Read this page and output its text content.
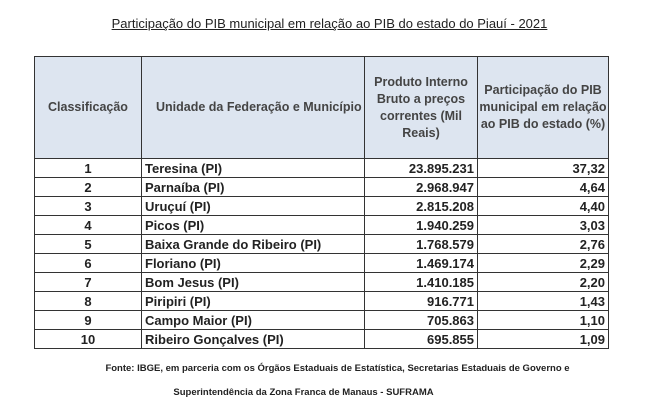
Participação do PIB municipal em relação ao PIB do estado do Piauí - 2021
Classificação	Unidade da Federação e Município	Produto Interno Bruto a preços correntes (Mil Reais)	Participação do PIB municipal em relação ao PIB do estado (%)
1	Teresina (PI)	23.895.231	37,32
2	Parnaíba (PI)	2.968.947	4,64
3	Uruçuí (PI)	2.815.208	4,40
4	Picos (PI)	1.940.259	3,03
5	Baixa Grande do Ribeiro (PI)	1.768.579	2,76
6	Floriano (PI)	1.469.174	2,29
7	Bom Jesus (PI)	1.410.185	2,20
8	Piripiri (PI)	916.771	1,43
9	Campo Maior (PI)	705.863	1,10
10	Ribeiro Gonçalves (PI)	695.855	1,09
Fonte: IBGE, em parceria com os Órgãos Estaduais de Estatística, Secretarias Estaduais de Governo e
Superintendência da Zona Franca de Manaus - SUFRAMA
